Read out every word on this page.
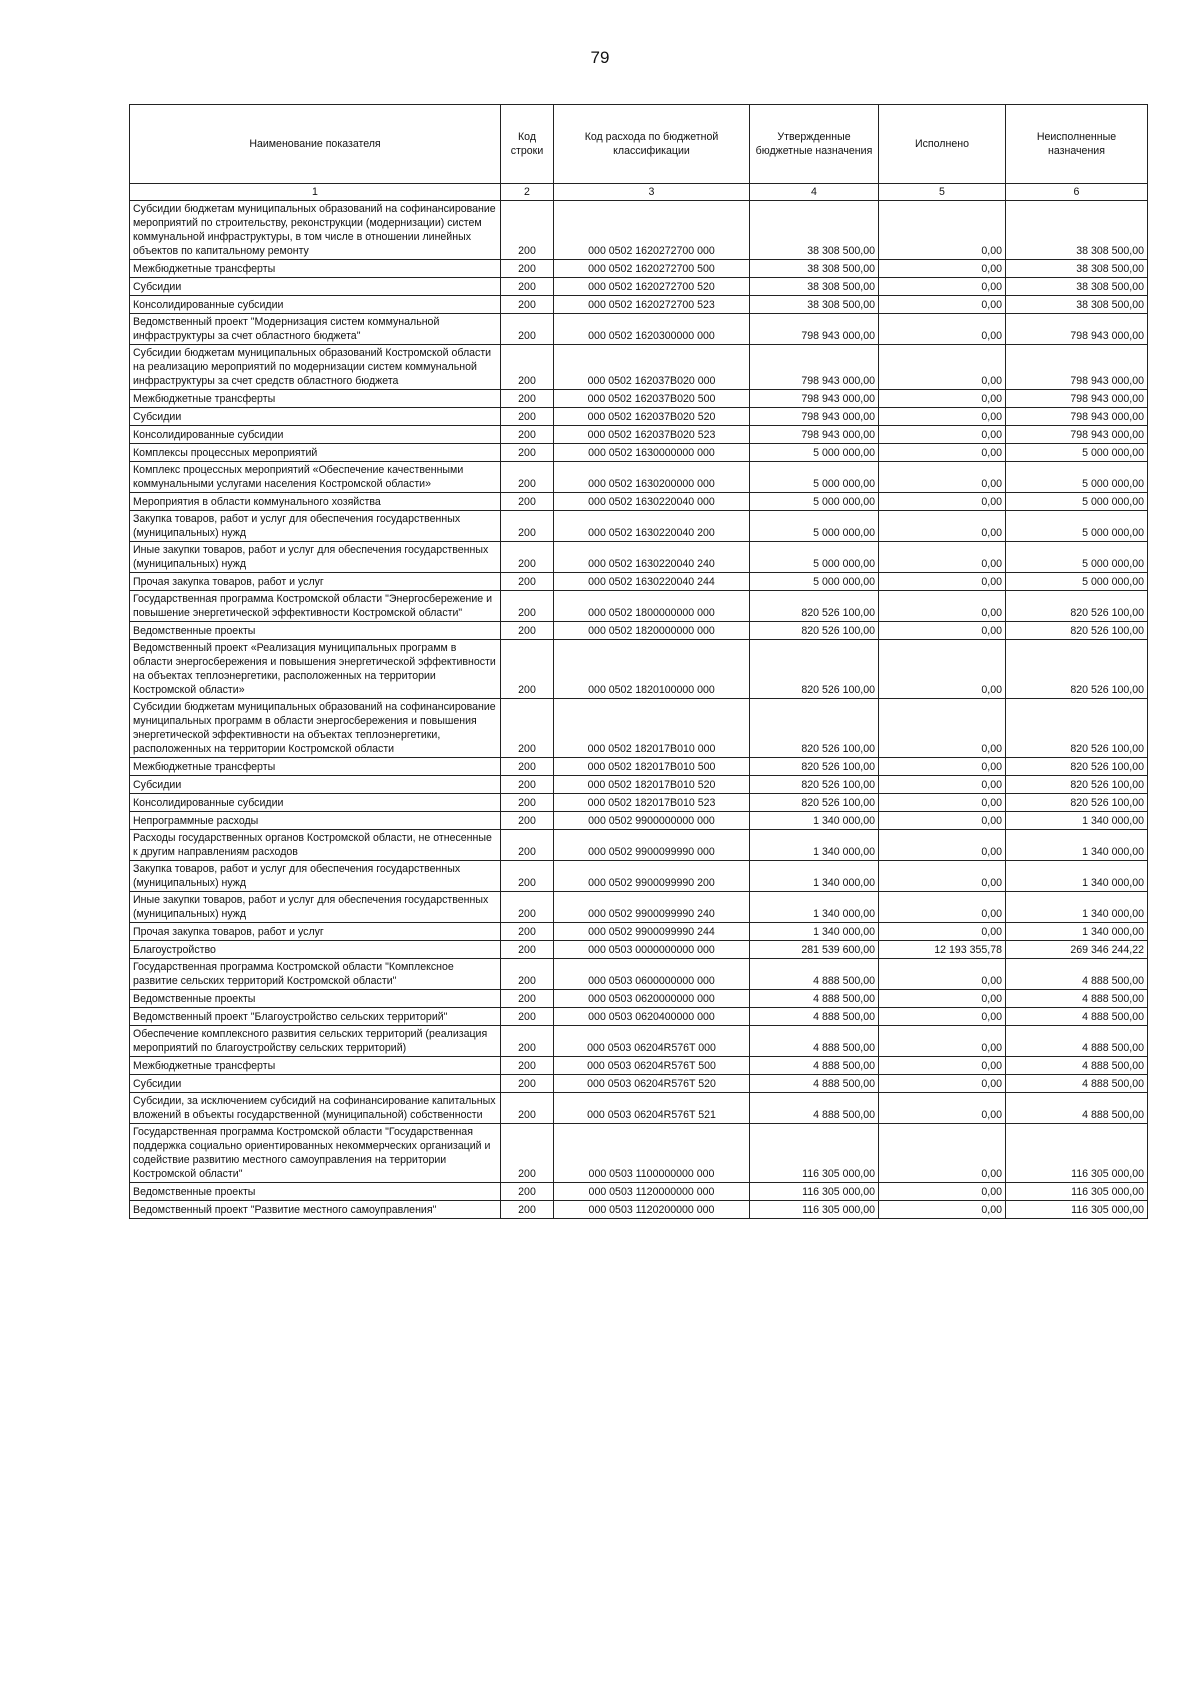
79
Наименование показателя	Код строки	Код расхода по бюджетной классификации	Утвержденные бюджетные назначения	Исполнено	Неисполненные назначения
1	2	3	4	5	6
Субсидии бюджетам муниципальных образований на софинансирование мероприятий по строительству, реконструкции (модернизации) систем коммунальной инфраструктуры, в том числе в отношении линейных объектов по капитальному ремонту	200	000 0502 1620272700 000	38 308 500,00	0,00	38 308 500,00
Межбюджетные трансферты	200	000 0502 1620272700 500	38 308 500,00	0,00	38 308 500,00
Субсидии	200	000 0502 1620272700 520	38 308 500,00	0,00	38 308 500,00
Консолидированные субсидии	200	000 0502 1620272700 523	38 308 500,00	0,00	38 308 500,00
Ведомственный проект "Модернизация систем коммунальной инфраструктуры за счет областного бюджета"	200	000 0502 1620300000 000	798 943 000,00	0,00	798 943 000,00
Субсидии бюджетам муниципальных образований Костромской области на реализацию мероприятий по модернизации систем коммунальной инфраструктуры за счет средств областного бюджета	200	000 0502 162037В020 000	798 943 000,00	0,00	798 943 000,00
Межбюджетные трансферты	200	000 0502 162037В020 500	798 943 000,00	0,00	798 943 000,00
Субсидии	200	000 0502 162037В020 520	798 943 000,00	0,00	798 943 000,00
Консолидированные субсидии	200	000 0502 162037В020 523	798 943 000,00	0,00	798 943 000,00
Комплексы процессных мероприятий	200	000 0502 1630000000 000	5 000 000,00	0,00	5 000 000,00
Комплекс процессных мероприятий «Обеспечение качественными коммунальными услугами населения Костромской области»	200	000 0502 1630200000 000	5 000 000,00	0,00	5 000 000,00
Мероприятия в области коммунального хозяйства	200	000 0502 1630220040 000	5 000 000,00	0,00	5 000 000,00
Закупка товаров, работ и услуг для обеспечения государственных (муниципальных) нужд	200	000 0502 1630220040 200	5 000 000,00	0,00	5 000 000,00
Иные закупки товаров, работ и услуг для обеспечения государственных (муниципальных) нужд	200	000 0502 1630220040 240	5 000 000,00	0,00	5 000 000,00
Прочая закупка товаров, работ и услуг	200	000 0502 1630220040 244	5 000 000,00	0,00	5 000 000,00
Государственная программа Костромской области "Энергосбережение и повышение энергетической эффективности Костромской области"	200	000 0502 1800000000 000	820 526 100,00	0,00	820 526 100,00
Ведомственные проекты	200	000 0502 1820000000 000	820 526 100,00	0,00	820 526 100,00
Ведомственный проект «Реализация муниципальных программ в области энергосбережения и повышения энергетической эффективности на объектах теплоэнергетики, расположенных на территории Костромской области»	200	000 0502 1820100000 000	820 526 100,00	0,00	820 526 100,00
Субсидии бюджетам муниципальных образований на софинансирование муниципальных программ в области энергосбережения и повышения энергетической эффективности на объектах теплоэнергетики, расположенных на территории Костромской области	200	000 0502 182017В010 000	820 526 100,00	0,00	820 526 100,00
Межбюджетные трансферты	200	000 0502 182017В010 500	820 526 100,00	0,00	820 526 100,00
Субсидии	200	000 0502 182017В010 520	820 526 100,00	0,00	820 526 100,00
Консолидированные субсидии	200	000 0502 182017В010 523	820 526 100,00	0,00	820 526 100,00
Непрограммные расходы	200	000 0502 9900000000 000	1 340 000,00	0,00	1 340 000,00
Расходы государственных органов Костромской области, не отнесенные к другим направлениям расходов	200	000 0502 9900099990 000	1 340 000,00	0,00	1 340 000,00
Закупка товаров, работ и услуг для обеспечения государственных (муниципальных) нужд	200	000 0502 9900099990 200	1 340 000,00	0,00	1 340 000,00
Иные закупки товаров, работ и услуг для обеспечения государственных (муниципальных) нужд	200	000 0502 9900099990 240	1 340 000,00	0,00	1 340 000,00
Прочая закупка товаров, работ и услуг	200	000 0502 9900099990 244	1 340 000,00	0,00	1 340 000,00
Благоустройство	200	000 0503 0000000000 000	281 539 600,00	12 193 355,78	269 346 244,22
Государственная программа Костромской области "Комплексное развитие сельских территорий Костромской области"	200	000 0503 0600000000 000	4 888 500,00	0,00	4 888 500,00
Ведомственные проекты	200	000 0503 0620000000 000	4 888 500,00	0,00	4 888 500,00
Ведомственный проект "Благоустройство сельских территорий"	200	000 0503 0620400000 000	4 888 500,00	0,00	4 888 500,00
Обеспечение комплексного развития сельских территорий (реализация мероприятий по благоустройству сельских территорий)	200	000 0503 06204R576T 000	4 888 500,00	0,00	4 888 500,00
Межбюджетные трансферты	200	000 0503 06204R576T 500	4 888 500,00	0,00	4 888 500,00
Субсидии	200	000 0503 06204R576T 520	4 888 500,00	0,00	4 888 500,00
Субсидии, за исключением субсидий на софинансирование капитальных вложений в объекты государственной (муниципальной) собственности	200	000 0503 06204R576T 521	4 888 500,00	0,00	4 888 500,00
Государственная программа Костромской области "Государственная поддержка социально ориентированных некоммерческих организаций и содействие развитию местного самоуправления на территории Костромской области"	200	000 0503 1100000000 000	116 305 000,00	0,00	116 305 000,00
Ведомственные проекты	200	000 0503 1120000000 000	116 305 000,00	0,00	116 305 000,00
Ведомственный проект "Развитие местного самоуправления"	200	000 0503 1120200000 000	116 305 000,00	0,00	116 305 000,00
